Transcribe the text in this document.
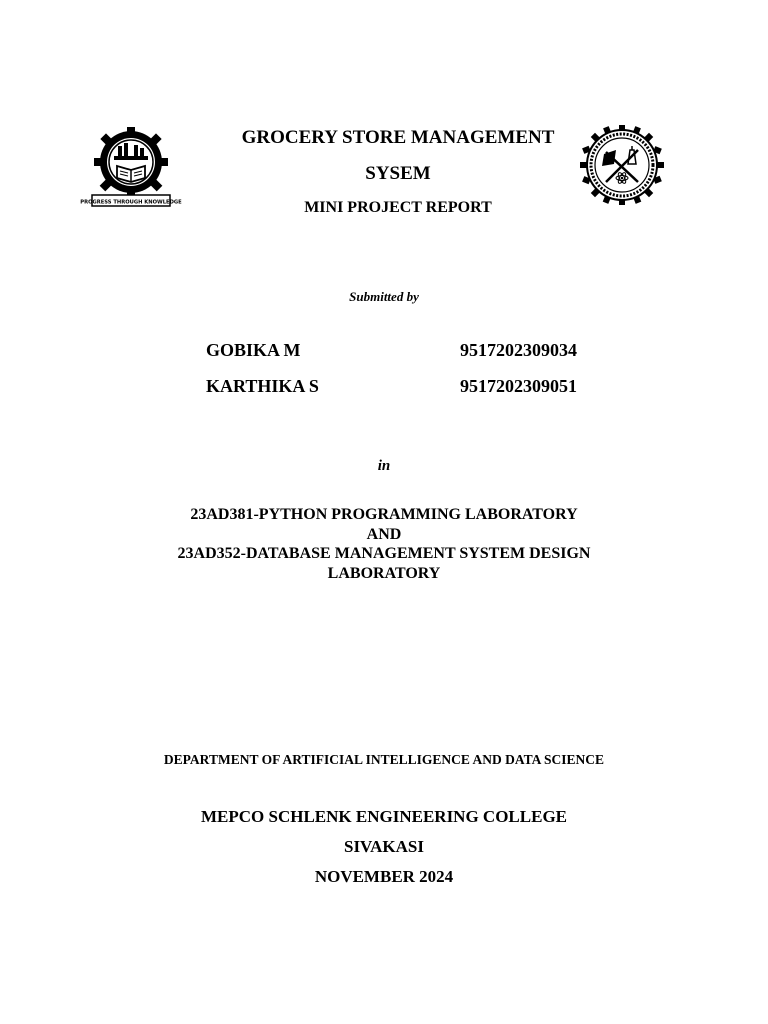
PROGRESS THROUGH KNOWLEDGE
GROCERY STORE MANAGEMENT
SYSEM
MINI PROJECT REPORT
Submitted by
GOBIKA M	9517202309034
KARTHIKA S	9517202309051
in
23AD381-PYTHON PROGRAMMING LABORATORY
AND
23AD352-DATABASE MANAGEMENT SYSTEM DESIGN
LABORATORY
DEPARTMENT OF ARTIFICIAL INTELLIGENCE AND DATA SCIENCE
MEPCO SCHLENK ENGINEERING COLLEGE
SIVAKASI
NOVEMBER 2024
